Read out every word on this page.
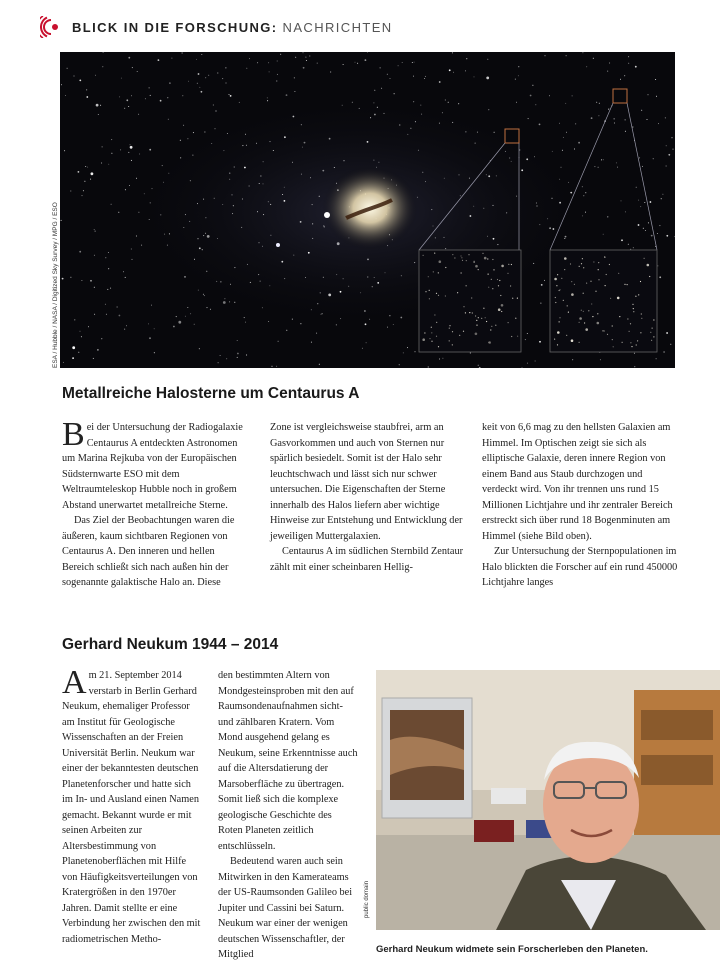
BLICK IN DIE FORSCHUNG: NACHRICHTEN
ESA / Hubble / NASA / Digitized Sky Survey / MPG / ESO
Metallreiche Halosterne um Centaurus A

Bei der Untersuchung der Radiogalaxie Centaurus A entdeckten Astronomen um Marina Rejkuba von der Europäischen Südsternwarte ESO mit dem Weltraumteleskop Hubble noch in großem Abstand unerwartet metallreiche Sterne.

Das Ziel der Beobachtungen waren die äußeren, kaum sichtbaren Regionen von Centaurus A. Den inneren und hellen Bereich schließt sich nach außen hin der sogenannte galaktische Halo an. Diese

Zone ist vergleichsweise staubfrei, arm an Gasvorkommen und auch von Sternen nur spärlich besiedelt. Somit ist der Halo sehr leuchtschwach und lässt sich nur schwer untersuchen. Die Eigenschaften der Sterne innerhalb des Halos liefern aber wichtige Hinweise zur Entstehung und Entwicklung der jeweiligen Muttergalaxien.

Centaurus A im südlichen Sternbild Zentaur zählt mit einer scheinbaren Hellig-

keit von 6,6 mag zu den hellsten Galaxien am Himmel. Im Optischen zeigt sie sich als elliptische Galaxie, deren innere Region von einem Band aus Staub durchzogen und verdeckt wird. Von ihr trennen uns rund 15 Millionen Lichtjahre und ihr zentraler Bereich erstreckt sich über rund 18 Bogenminuten am Himmel (siehe Bild oben).

Zur Untersuchung der Sternpopulationen im Halo blickten die Forscher auf ein rund 450000 Lichtjahre langes

Gerhard Neukum 1944 – 2014

Am 21. September 2014 verstarb in Berlin Gerhard Neukum, ehemaliger Professor am Institut für Geologische Wissenschaften an der Freien Universität Berlin. Neukum war einer der bekanntesten deutschen Planetenforscher und hatte sich im In- und Ausland einen Namen gemacht. Bekannt wurde er mit seinen Arbeiten zur Altersbestimmung von Planetenoberflächen mit Hilfe von Häufigkeitsverteilungen von Kratergrößen in den 1970er Jahren. Damit stellte er eine Verbindung her zwischen den mit radiometrischen Metho-

den bestimmten Altern von Mondgesteinsproben mit den auf Raumsondenaufnahmen sicht- und zählbaren Kratern. Vom Mond ausgehend gelang es Neukum, seine Erkenntnisse auch auf die Altersdatierung der Marsoberfläche zu übertragen. Somit ließ sich die komplexe geologische Geschichte des Roten Planeten zeitlich entschlüsseln.

Bedeutend waren auch sein Mitwirken in den Kamerateams der US-Raumsonden Galileo bei Jupiter und Cassini bei Saturn. Neukum war einer der wenigen deutschen Wissenschaftler, der Mitglied

public domain
Gerhard Neukum widmete sein Forscherleben den Planeten.
